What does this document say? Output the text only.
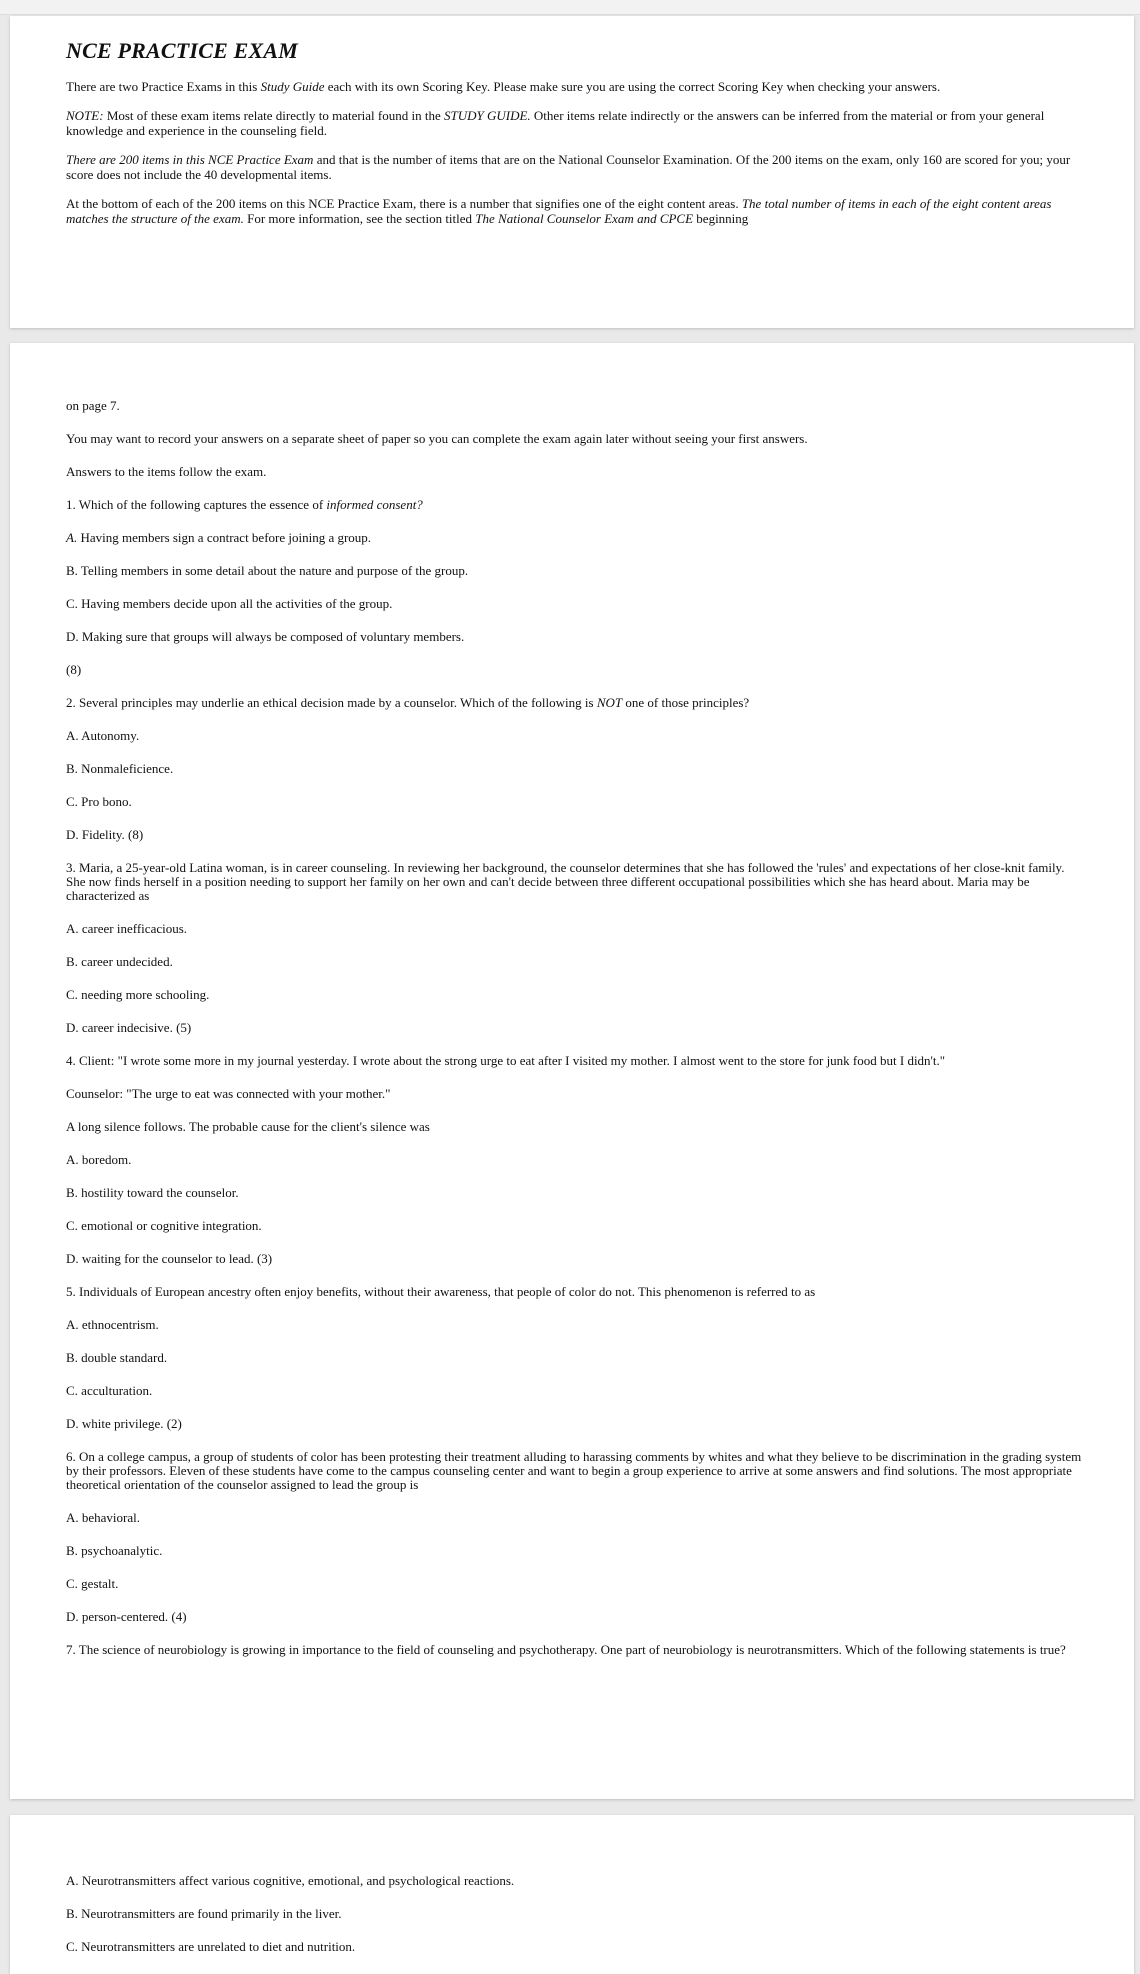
NCE PRACTICE EXAM

There are two Practice Exams in this Study Guide each with its own Scoring Key. Please make sure you are using the correct Scoring Key when checking your answers.

NOTE: Most of these exam items relate directly to material found in the STUDY GUIDE. Other items relate indirectly or the answers can be inferred from the material or from your general knowledge and experience in the counseling field.

There are 200 items in this NCE Practice Exam and that is the number of items that are on the National Counselor Examination. Of the 200 items on the exam, only 160 are scored for you; your score does not include the 40 developmental items.

At the bottom of each of the 200 items on this NCE Practice Exam, there is a number that signifies one of the eight content areas. The total number of items in each of the eight content areas matches the structure of the exam. For more information, see the section titled The National Counselor Exam and CPCE beginning

on page 7.
You may want to record your answers on a separate sheet of paper so you can complete the exam again later without seeing your first answers.
Answers to the items follow the exam.
1. Which of the following captures the essence of informed consent?
A. Having members sign a contract before joining a group.
B. Telling members in some detail about the nature and purpose of the group.
C. Having members decide upon all the activities of the group.
D. Making sure that groups will always be composed of voluntary members.
(8)
2. Several principles may underlie an ethical decision made by a counselor. Which of the following is NOT one of those principles?
A. Autonomy.
B. Nonmaleficience.
C. Pro bono.
D. Fidelity. (8)
3. Maria, a 25-year-old Latina woman, is in career counseling. In reviewing her background, the counselor determines that she has followed the 'rules' and expectations of her close-knit family. She now finds herself in a position needing to support her family on her own and can't decide between three different occupational possibilities which she has heard about. Maria may be characterized as
A. career inefficacious.
B. career undecided.
C. needing more schooling.
D. career indecisive. (5)
4. Client: "I wrote some more in my journal yesterday. I wrote about the strong urge to eat after I visited my mother. I almost went to the store for junk food but I didn't."
Counselor: "The urge to eat was connected with your mother."
A long silence follows. The probable cause for the client's silence was
A. boredom.
B. hostility toward the counselor.
C. emotional or cognitive integration.
D. waiting for the counselor to lead. (3)
5. Individuals of European ancestry often enjoy benefits, without their awareness, that people of color do not. This phenomenon is referred to as
A. ethnocentrism.
B. double standard.
C. acculturation.
D. white privilege. (2)
6. On a college campus, a group of students of color has been protesting their treatment alluding to harassing comments by whites and what they believe to be discrimination in the grading system by their professors. Eleven of these students have come to the campus counseling center and want to begin a group experience to arrive at some answers and find solutions. The most appropriate theoretical orientation of the counselor assigned to lead the group is
A. behavioral.
B. psychoanalytic.
C. gestalt.
D. person-centered. (4)
7. The science of neurobiology is growing in importance to the field of counseling and psychotherapy. One part of neurobiology is neurotransmitters. Which of the following statements is true?
A. Neurotransmitters affect various cognitive, emotional, and psychological reactions.
B. Neurotransmitters are found primarily in the liver.
C. Neurotransmitters are unrelated to diet and nutrition.
